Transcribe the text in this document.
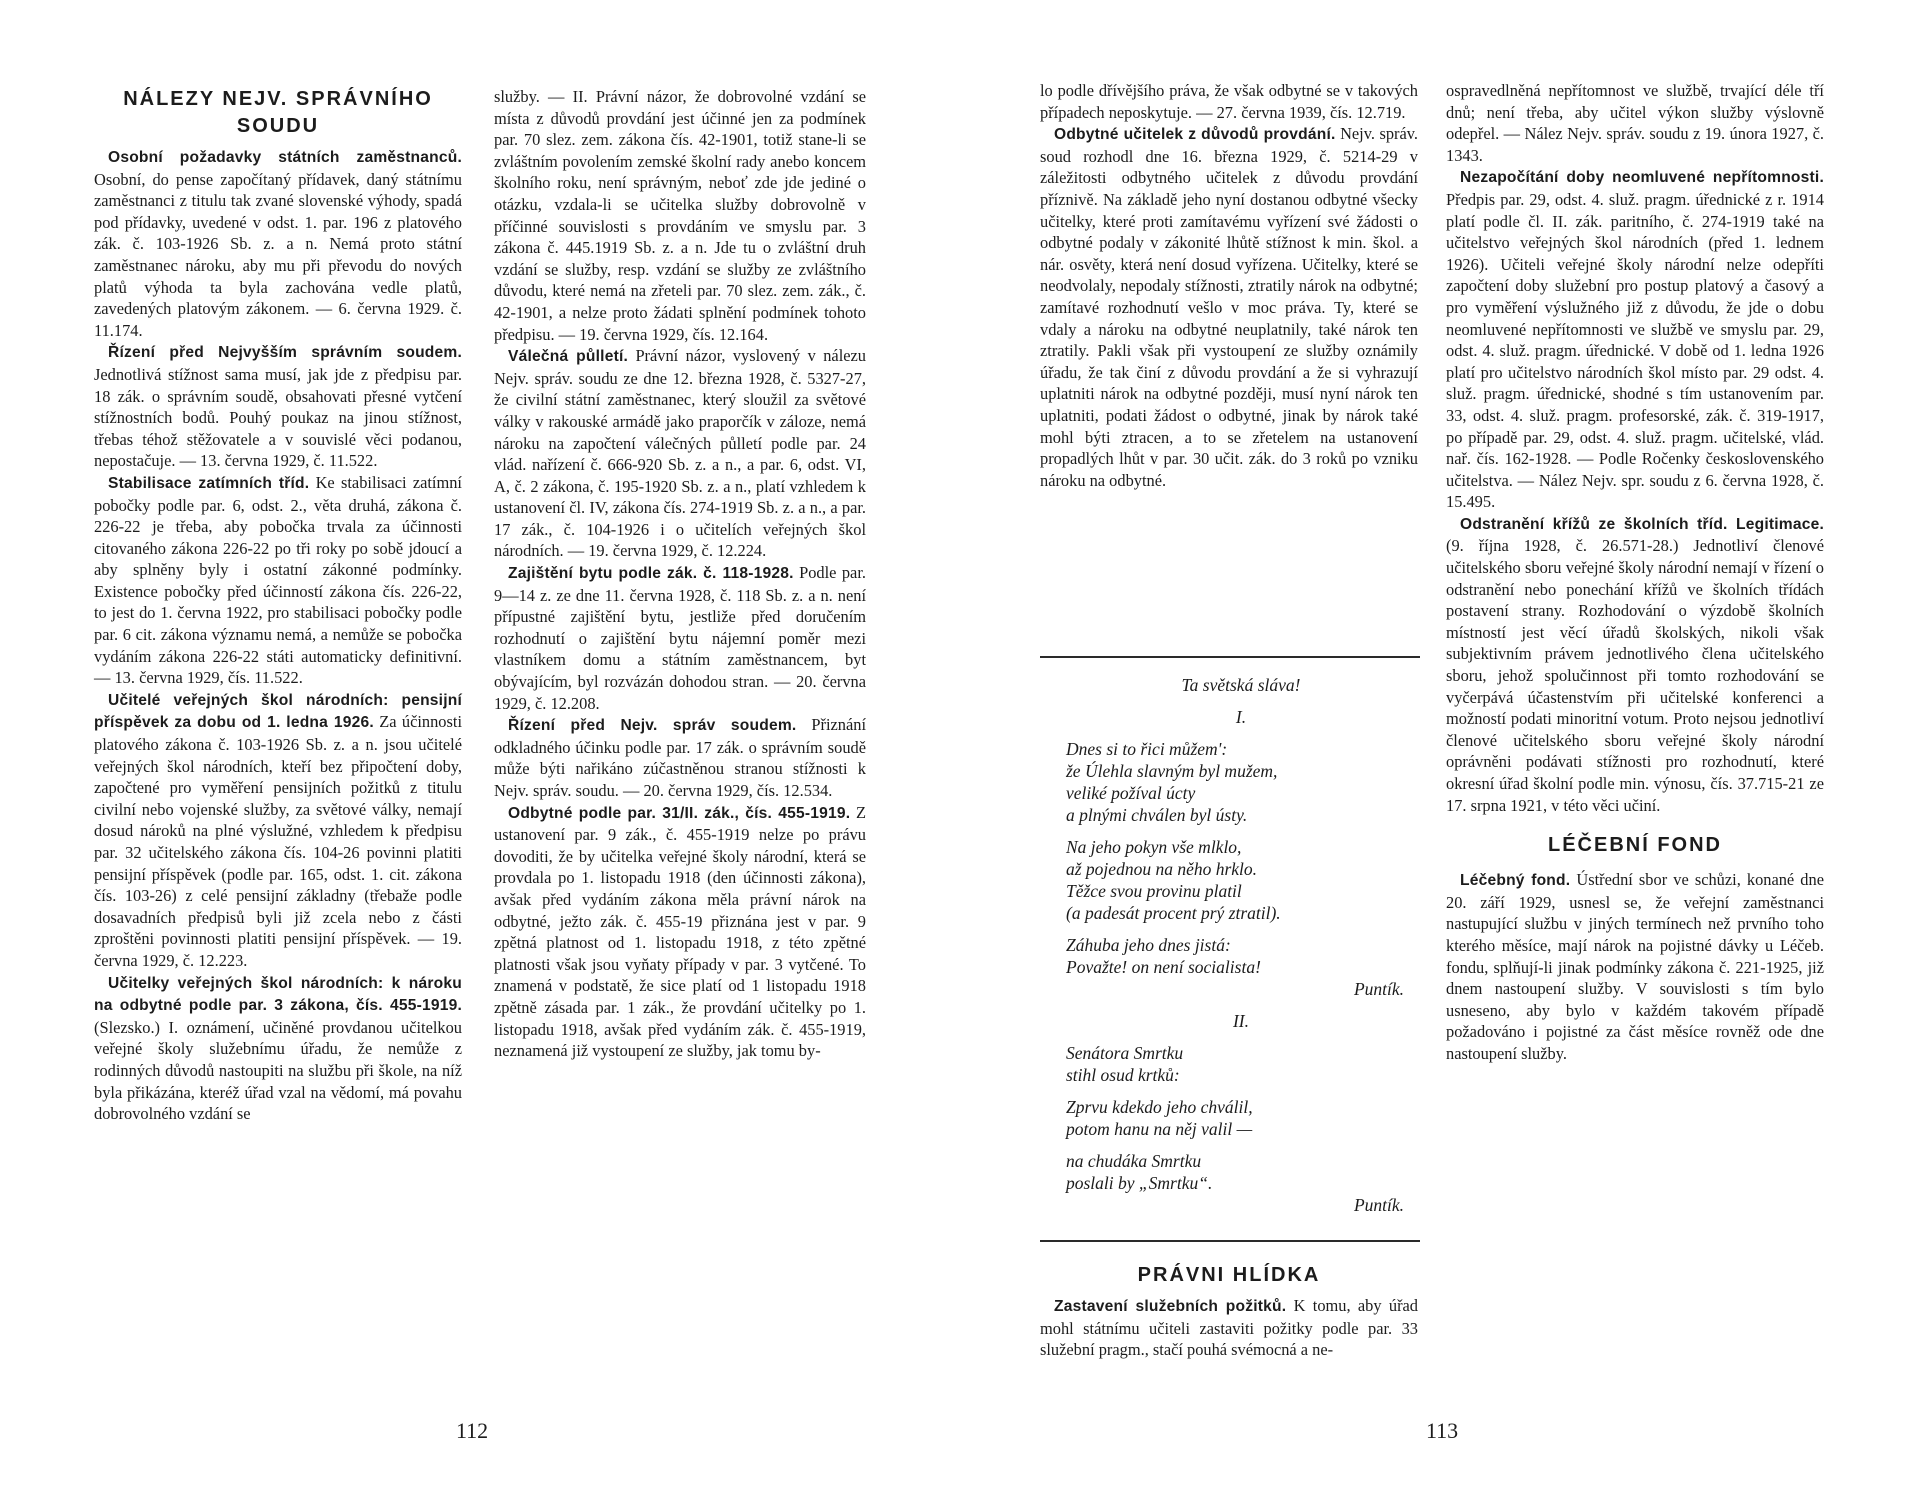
NÁLEZY NEJV. SPRÁVNÍHO SOUDU

Osobní požadavky státních zaměstnanců. Osobní, do pense započítaný přídavek, daný státnímu zaměstnanci z titulu tak zvané slovenské výhody, spadá pod přídavky, uvedené v odst. 1. par. 196 z platového zák. č. 103-1926 Sb. z. a n. Nemá proto státní zaměstnanec nároku, aby mu při převodu do nových platů výhoda ta byla zachována vedle platů, zavedených platovým zákonem. — 6. června 1929. č. 11.174.

Řízení před Nejvyšším správním soudem. Jednotlivá stížnost sama musí, jak jde z předpisu par. 18 zák. o správním soudě, obsahovati přesné vytčení stížnostních bodů. Pouhý poukaz na jinou stížnost, třebas téhož stěžovatele a v souvislé věci podanou, nepostačuje. — 13. června 1929, č. 11.522.

Stabilisace zatímních tříd. Ke stabilisaci zatímní pobočky podle par. 6, odst. 2., věta druhá, zákona č. 226-22 je třeba, aby pobočka trvala za účinnosti citovaného zákona 226-22 po tři roky po sobě jdoucí a aby splněny byly i ostatní zákonné podmínky. Existence pobočky před účinností zákona čís. 226-22, to jest do 1. června 1922, pro stabilisaci pobočky podle par. 6 cit. zákona významu nemá, a nemůže se pobočka vydáním zákona 226-22 státi automaticky definitivní. — 13. června 1929, čís. 11.522.

Učitelé veřejných škol národních: pensijní příspěvek za dobu od 1. ledna 1926. Za účinnosti platového zákona č. 103-1926 Sb. z. a n. jsou učitelé veřejných škol národních, kteří bez připočtení doby, započtené pro vyměření pensijních požitků z titulu civilní nebo vojenské služby, za světové války, nemají dosud nároků na plné výslužné, vzhledem k předpisu par. 32 učitelského zákona čís. 104-26 povinni platiti pensijní příspěvek (podle par. 165, odst. 1. cit. zákona čís. 103-26) z celé pensijní základny (třebaže podle dosavadních předpisů byli již zcela nebo z části zproštěni povinnosti platiti pensijní příspěvek. — 19. června 1929, č. 12.223.

Učitelky veřejných škol národních: k nároku na odbytné podle par. 3 zákona, čís. 455-1919. (Slezsko.) I. oznámení, učiněné provdanou učitelkou veřejné školy služebnímu úřadu, že nemůže z rodinných důvodů nastoupiti na službu při škole, na níž byla přikázána, kteréž úřad vzal na vědomí, má povahu dobrovolného vzdání se

služby. — II. Právní názor, že dobrovolné vzdání se místa z důvodů provdání jest účinné jen za podmínek par. 70 slez. zem. zákona čís. 42-1901, totiž stane-li se zvláštním povolením zemské školní rady anebo koncem školního roku, není správným, neboť zde jde jediné o otázku, vzdala-li se učitelka služby dobrovolně v příčinné souvislosti s provdáním ve smyslu par. 3 zákona č. 445.1919 Sb. z. a n. Jde tu o zvláštní druh vzdání se služby, resp. vzdání se služby ze zvláštního důvodu, které nemá na zřeteli par. 70 slez. zem. zák., č. 42-1901, a nelze proto žádati splnění podmínek tohoto předpisu. — 19. června 1929, čís. 12.164.

Válečná půlletí. Právní názor, vyslovený v nálezu Nejv. správ. soudu ze dne 12. března 1928, č. 5327-27, že civilní státní zaměstnanec, který sloužil za světové války v rakouské armádě jako praporčík v záloze, nemá nároku na započtení válečných půlletí podle par. 24 vlád. nařízení č. 666-920 Sb. z. a n., a par. 6, odst. VI, A, č. 2 zákona, č. 195-1920 Sb. z. a n., platí vzhledem k ustanovení čl. IV, zákona čís. 274-1919 Sb. z. a n., a par. 17 zák., č. 104-1926 i o učitelích veřejných škol národních. — 19. června 1929, č. 12.224.

Zajištění bytu podle zák. č. 118-1928. Podle par. 9—14 z. ze dne 11. června 1928, č. 118 Sb. z. a n. není přípustné zajištění bytu, jestliže před doručením rozhodnutí o zajištění bytu nájemní poměr mezi vlastníkem domu a státním zaměstnancem, byt obývajícím, byl rozvázán dohodou stran. — 20. června 1929, č. 12.208.

Řízení před Nejv. správ soudem. Přiznání odkladného účinku podle par. 17 zák. o správním soudě může býti nařikáno zúčastněnou stranou stížnosti k Nejv. správ. soudu. — 20. června 1929, čís. 12.534.

Odbytné podle par. 31/II. zák., čís. 455-1919. Z ustanovení par. 9 zák., č. 455-1919 nelze po právu dovoditi, že by učitelka veřejné školy národní, která se provdala po 1. listopadu 1918 (den účinnosti zákona), avšak před vydáním zákona měla právní nárok na odbytné, ježto zák. č. 455-19 přiznána jest v par. 9 zpětná platnost od 1. listopadu 1918, z této zpětné platnosti však jsou vyňaty případy v par. 3 vytčené. To znamená v podstatě, že sice platí od 1 listopadu 1918 zpětně zásada par. 1 zák., že provdání učitelky po 1. listopadu 1918, avšak před vydáním zák. č. 455-1919, neznamená již vystoupení ze služby, jak tomu by-

112

lo podle dřívějšího práva, že však odbytné se v takových případech neposkytuje. — 27. června 1939, čís. 12.719.

Odbytné učitelek z důvodů provdání. Nejv. správ. soud rozhodl dne 16. března 1929, č. 5214-29 v záležitosti odbytného učitelek z důvodu provdání příznivě. Na základě jeho nyní dostanou odbytné všecky učitelky, které proti zamítavému vyřízení své žádosti o odbytné podaly v zákonité lhůtě stížnost k min. škol. a nár. osvěty, která není dosud vyřízena. Učitelky, které se neodvolaly, nepodaly stížnosti, ztratily nárok na odbytné; zamítavé rozhodnutí vešlo v moc práva. Ty, které se vdaly a nároku na odbytné neuplatnily, také nárok ten ztratily. Pakli však při vystoupení ze služby oznámily úřadu, že tak činí z důvodu provdání a že si vyhrazují uplatniti nárok na odbytné později, musí nyní nárok ten uplatniti, podati žádost o odbytné, jinak by nárok také mohl býti ztracen, a to se zřetelem na ustanovení propadlých lhůt v par. 30 učit. zák. do 3 roků po vzniku nároku na odbytné.

Ta světská sláva!
I.
Dnes si to řici můžem':
že Úlehla slavným byl mužem,
veliké požíval úcty
a plnými chválen byl ústy.
Na jeho pokyn vše mlklo,
až pojednou na něho hrklo.
Těžce svou provinu platil
(a padesát procent prý ztratil).
Záhuba jeho dnes jistá:
Považte! on není socialista!
Puntík.
II.
Senátora Smrtku
stihl osud krtků:
Zprvu kdekdo jeho chválil,
potom hanu na něj valil —
na chudáka Smrtku
poslali by „Smrtku“.
Puntík.
PRÁVNI HLÍDKA

Zastavení služebních požitků. K tomu, aby úřad mohl státnímu učiteli zastaviti požitky podle par. 33 služební pragm., stačí pouhá svémocná a ne-

ospravedlněná nepřítomnost ve službě, trvající déle tří dnů; není třeba, aby učitel výkon služby výslovně odepřel. — Nález Nejv. správ. soudu z 19. února 1927, č. 1343.

Nezapočítání doby neomluvené nepřítomnosti. Předpis par. 29, odst. 4. služ. pragm. úřednické z r. 1914 platí podle čl. II. zák. paritního, č. 274-1919 také na učitelstvo veřejných škol národních (před 1. lednem 1926). Učiteli veřejné školy národní nelze odepříti započtení doby služební pro postup platový a časový a pro vyměření výslužného již z důvodu, že jde o dobu neomluvené nepřítomnosti ve službě ve smyslu par. 29, odst. 4. služ. pragm. úřednické. V době od 1. ledna 1926 platí pro učitelstvo národních škol místo par. 29 odst. 4. služ. pragm. úřednické, shodné s tím ustanovením par. 33, odst. 4. služ. pragm. profesorské, zák. č. 319-1917, po případě par. 29, odst. 4. služ. pragm. učitelské, vlád. nař. čís. 162-1928. — Podle Ročenky československého učitelstva. — Nález Nejv. spr. soudu z 6. června 1928, č. 15.495.

Odstranění křížů ze školních tříd. Legitimace. (9. října 1928, č. 26.571-28.) Jednotliví členové učitelského sboru veřejné školy národní nemají v řízení o odstranění nebo ponechání křížů ve školních třídách postavení strany. Rozhodování o výzdobě školních místností jest věcí úřadů školských, nikoli však subjektivním právem jednotlivého člena učitelského sboru, jehož spolučinnost při tomto rozhodování se vyčerpává účastenstvím při učitelské konferenci a možností podati minoritní votum. Proto nejsou jednotliví členové učitelského sboru veřejné školy národní oprávněni podávati stížnosti pro rozhodnutí, které okresní úřad školní podle min. výnosu, čís. 37.715-21 ze 17. srpna 1921, v této věci učiní.

LÉČEBNÍ FOND

Léčebný fond. Ústřední sbor ve schůzi, konané dne 20. září 1929, usnesl se, že veřejní zaměstnanci nastupující službu v jiných termínech než prvního toho kterého měsíce, mají nárok na pojistné dávky u Léčeb. fondu, splňují-li jinak podmínky zákona č. 221-1925, již dnem nastoupení služby. V souvislosti s tím bylo usneseno, aby bylo v každém takovém případě požadováno i pojistné za část měsíce rovněž ode dne nastoupení služby.

113
